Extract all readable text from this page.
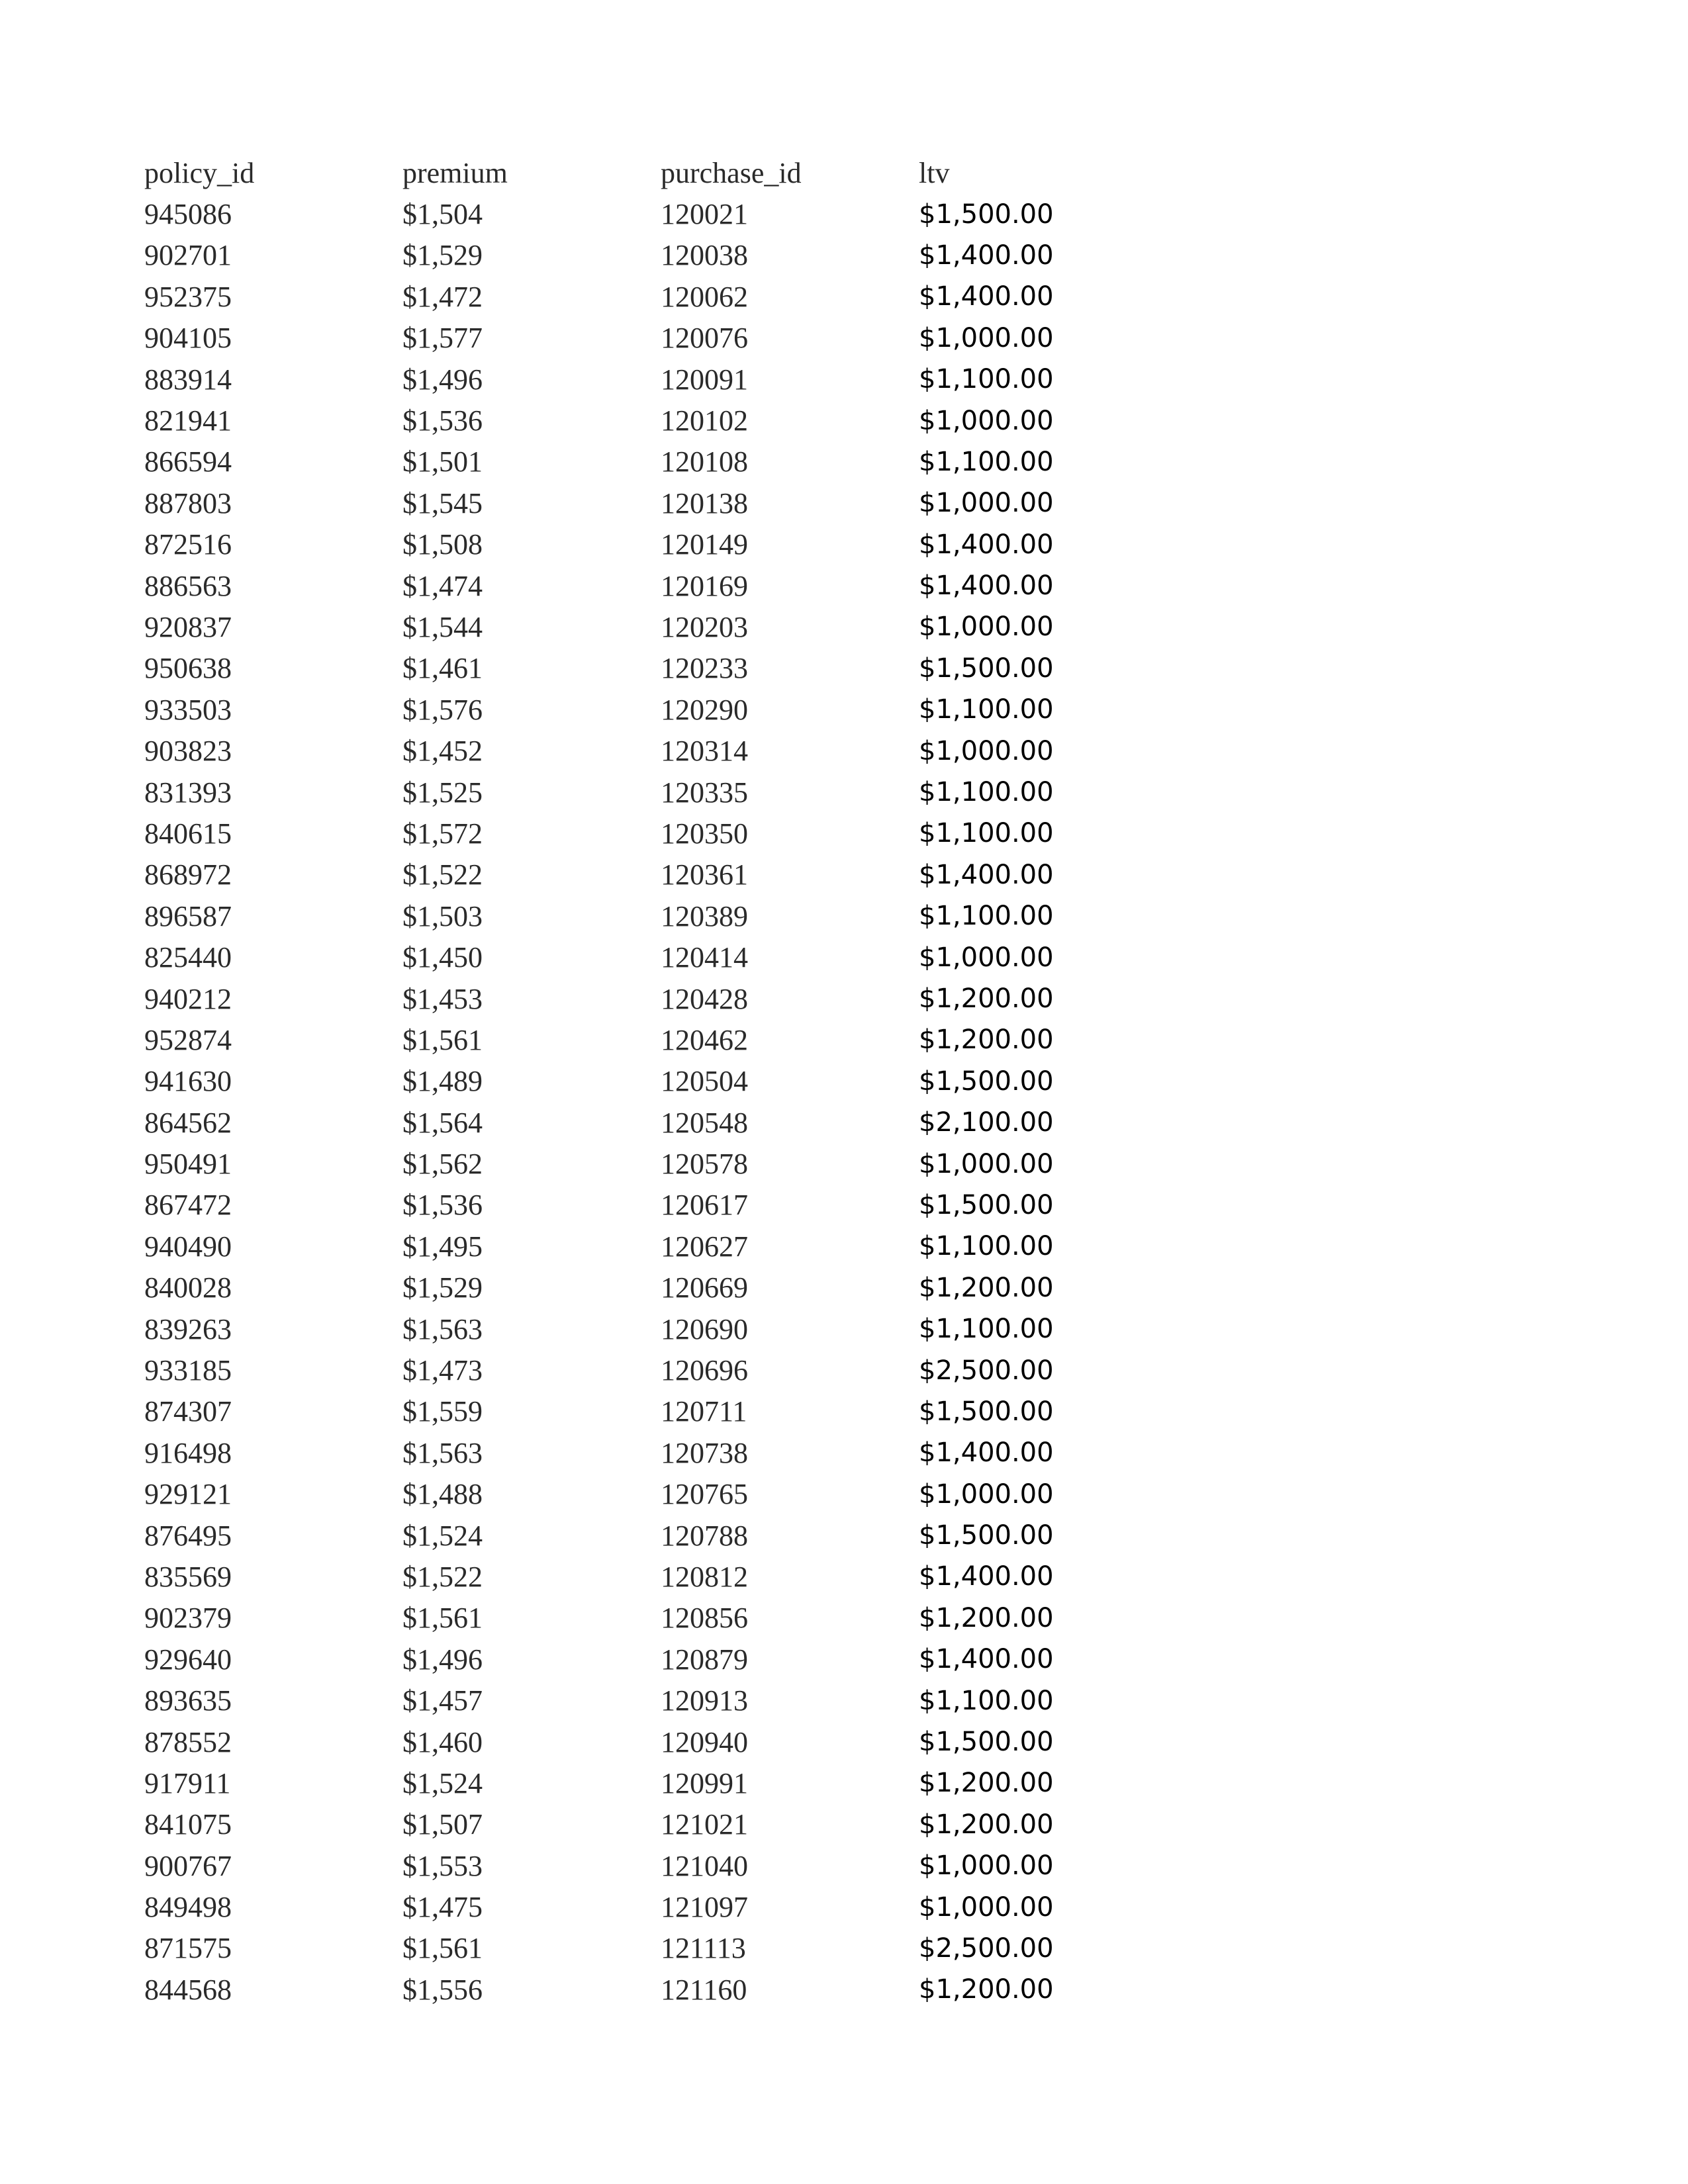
policy_id	premium	purchase_id	ltv
945086	$1,504	120021	$1,500.00
902701	$1,529	120038	$1,400.00
952375	$1,472	120062	$1,400.00
904105	$1,577	120076	$1,000.00
883914	$1,496	120091	$1,100.00
821941	$1,536	120102	$1,000.00
866594	$1,501	120108	$1,100.00
887803	$1,545	120138	$1,000.00
872516	$1,508	120149	$1,400.00
886563	$1,474	120169	$1,400.00
920837	$1,544	120203	$1,000.00
950638	$1,461	120233	$1,500.00
933503	$1,576	120290	$1,100.00
903823	$1,452	120314	$1,000.00
831393	$1,525	120335	$1,100.00
840615	$1,572	120350	$1,100.00
868972	$1,522	120361	$1,400.00
896587	$1,503	120389	$1,100.00
825440	$1,450	120414	$1,000.00
940212	$1,453	120428	$1,200.00
952874	$1,561	120462	$1,200.00
941630	$1,489	120504	$1,500.00
864562	$1,564	120548	$2,100.00
950491	$1,562	120578	$1,000.00
867472	$1,536	120617	$1,500.00
940490	$1,495	120627	$1,100.00
840028	$1,529	120669	$1,200.00
839263	$1,563	120690	$1,100.00
933185	$1,473	120696	$2,500.00
874307	$1,559	120711	$1,500.00
916498	$1,563	120738	$1,400.00
929121	$1,488	120765	$1,000.00
876495	$1,524	120788	$1,500.00
835569	$1,522	120812	$1,400.00
902379	$1,561	120856	$1,200.00
929640	$1,496	120879	$1,400.00
893635	$1,457	120913	$1,100.00
878552	$1,460	120940	$1,500.00
917911	$1,524	120991	$1,200.00
841075	$1,507	121021	$1,200.00
900767	$1,553	121040	$1,000.00
849498	$1,475	121097	$1,000.00
871575	$1,561	121113	$2,500.00
844568	$1,556	121160	$1,200.00
